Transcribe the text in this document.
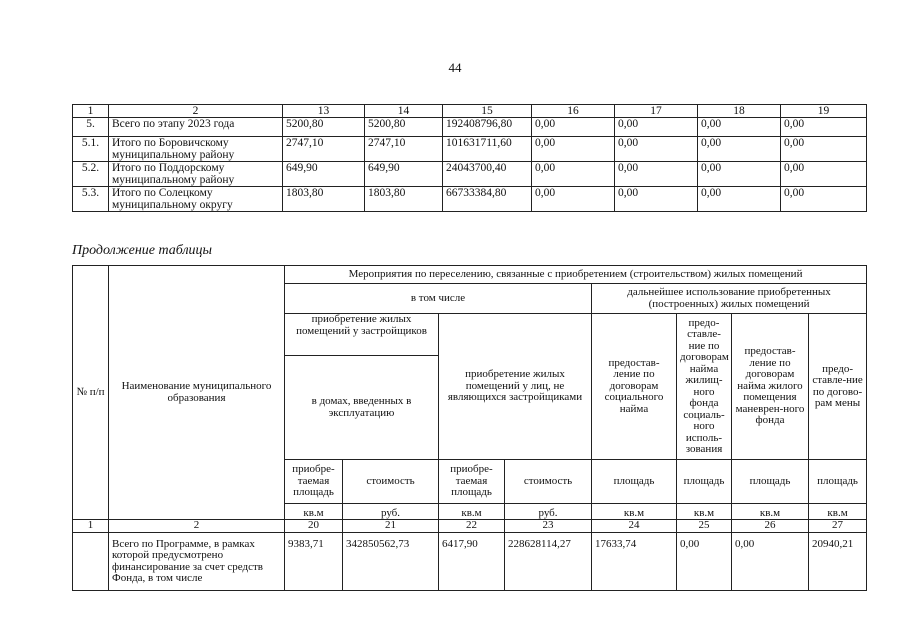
44
1	2	13	14	15	16	17	18	19
5.	Всего по этапу 2023 года	5200,80	5200,80	192408796,80	0,00	0,00	0,00	0,00
5.1.	Итого по Боровичскому муниципальному району	2747,10	2747,10	101631711,60	0,00	0,00	0,00	0,00
5.2.	Итого по Поддорскому муниципальному району	649,90	649,90	24043700,40	0,00	0,00	0,00	0,00
5.3.	Итого по Солецкому муниципальному округу	1803,80	1803,80	66733384,80	0,00	0,00	0,00	0,00
Продолжение таблицы
№ п/п	Наименование муниципального образования	Мероприятия по переселению, связанные с приобретением (строительством) жилых помещений							
		в том числе				дальнейшее использование приобретенных (построенных) жилых помещений			
		приобретение жилых помещений у застройщиков		приобретение жилых помещений у лиц, не являющихся застройщиками		предостав-ление по договорам социального найма	предо-ставле-ние по договорам найма жилищ-ного фонда социаль-ного исполь-зования	предостав-ление по договорам найма жилого помещения маневрен-ного фонда	предо-ставле-ние по догово-рам мены
		в домах, введенных в эксплуатацию							
		приобре-таемая площадь	стоимость	приобре-таемая площадь	стоимость	площадь	площадь	площадь	площадь
		кв.м	руб.	кв.м	руб.	кв.м	кв.м	кв.м	кв.м
1	2	20	21	22	23	24	25	26	27
	Всего по Программе, в рамках которой предусмотрено финансирование за счет средств Фонда, в том числе	9383,71	342850562,73	6417,90	228628114,27	17633,74	0,00	0,00	20940,21
